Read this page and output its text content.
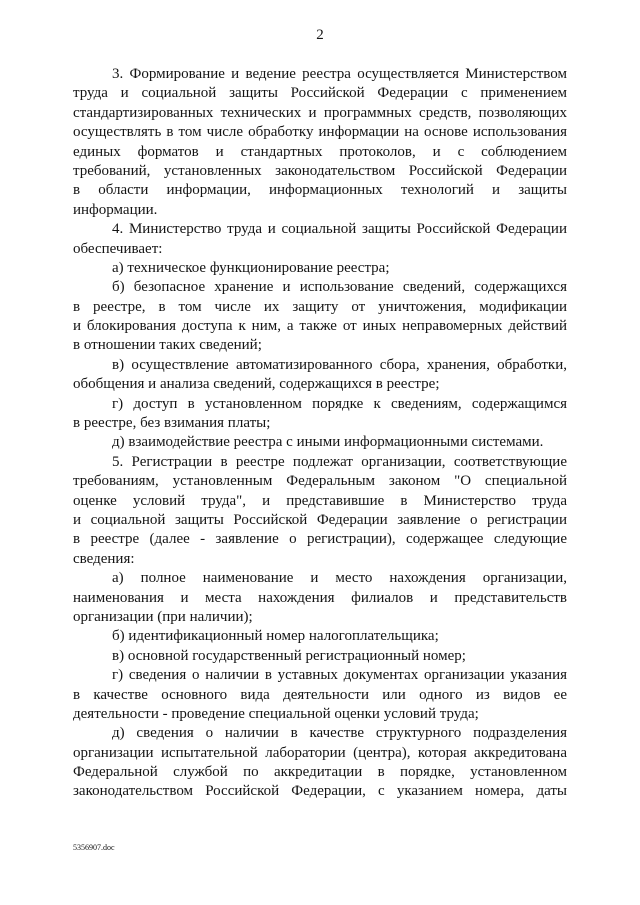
2
3. Формирование и ведение реестра осуществляется Министерством
труда и социальной защиты Российской Федерации с применением
стандартизированных технических и программных средств, позволяющих
осуществлять в том числе обработку информации на основе использования
единых форматов и стандартных протоколов, и с соблюдением
требований, установленных законодательством Российской Федерации
в области информации, информационных технологий и защиты
информации.
4. Министерство труда и социальной защиты Российской Федерации
обеспечивает:
а) техническое функционирование реестра;
б) безопасное хранение и использование сведений, содержащихся
в реестре, в том числе их защиту от уничтожения, модификации
и блокирования доступа к ним, а также от иных неправомерных действий
в отношении таких сведений;
в) осуществление автоматизированного сбора, хранения, обработки,
обобщения и анализа сведений, содержащихся в реестре;
г) доступ в установленном порядке к сведениям, содержащимся
в реестре, без взимания платы;
д) взаимодействие реестра с иными информационными системами.
5. Регистрации в реестре подлежат организации, соответствующие
требованиям, установленным Федеральным законом "О специальной
оценке условий труда", и представившие в Министерство труда
и социальной защиты Российской Федерации заявление о регистрации
в реестре (далее - заявление о регистрации), содержащее следующие
сведения:
а) полное наименование и место нахождения организации,
наименования и места нахождения филиалов и представительств
организации (при наличии);
б) идентификационный номер налогоплательщика;
в) основной государственный регистрационный номер;
г) сведения о наличии в уставных документах организации указания
в качестве основного вида деятельности или одного из видов ее
деятельности - проведение специальной оценки условий труда;
д) сведения о наличии в качестве структурного подразделения
организации испытательной лаборатории (центра), которая аккредитована
Федеральной службой по аккредитации в порядке, установленном
законодательством Российской Федерации, с указанием номера, даты
5356907.doc
